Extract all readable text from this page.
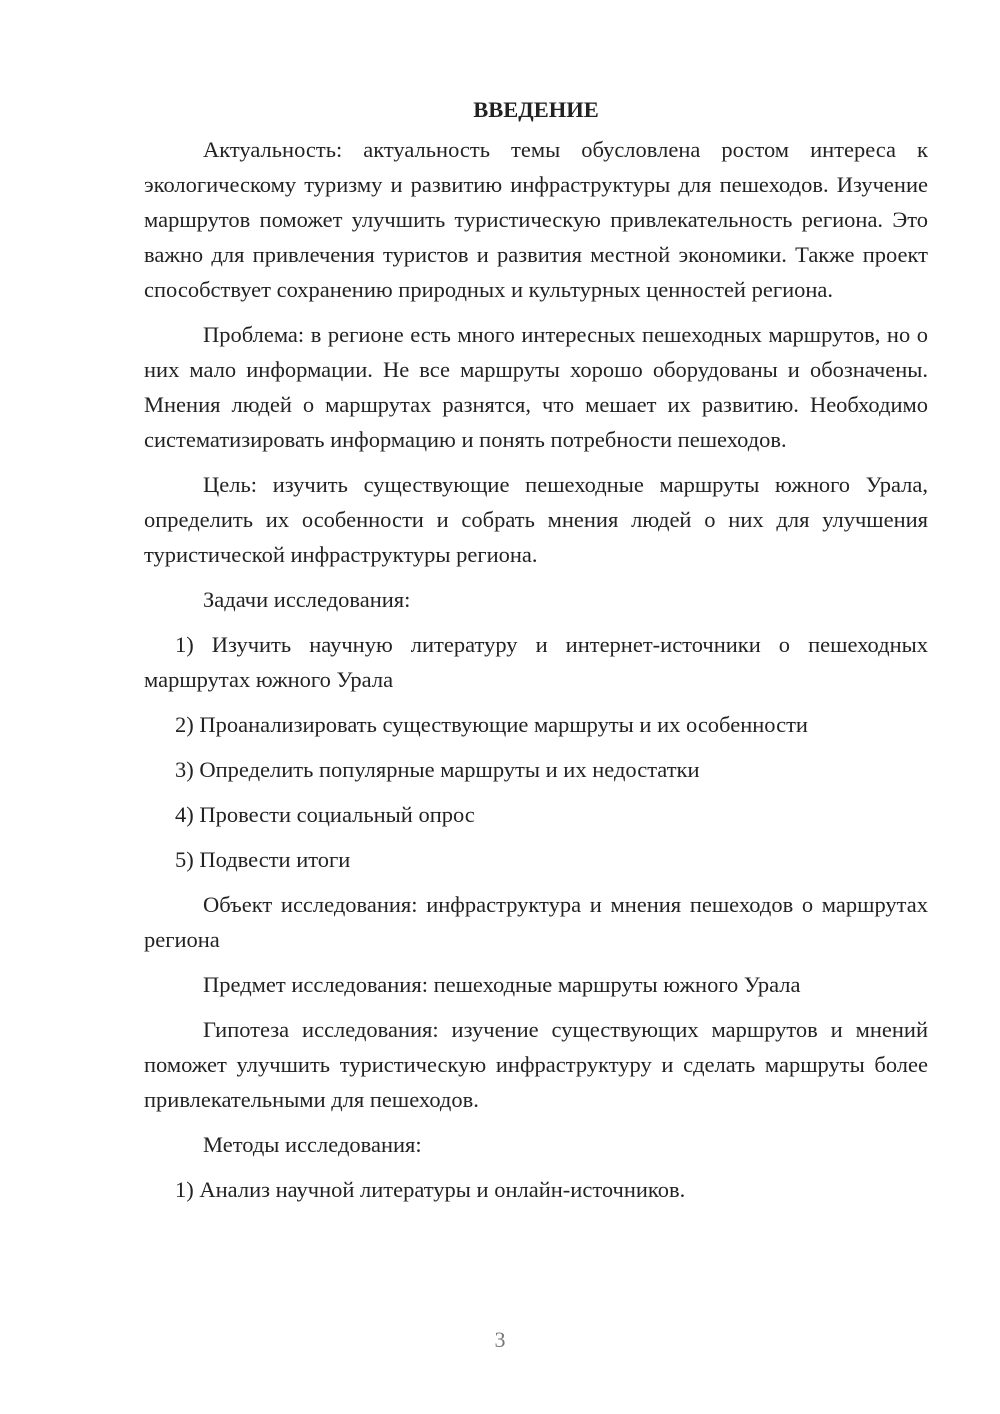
ВВЕДЕНИЕ

Актуальность: актуальность темы обусловлена ростом интереса к экологическому туризму и развитию инфраструктуры для пешеходов. Изучение маршрутов поможет улучшить туристическую привлекательность региона. Это важно для привлечения туристов и развития местной экономики. Также проект способствует сохранению природных и культурных ценностей региона.

Проблема: в регионе есть много интересных пешеходных маршрутов, но о них мало информации. Не все маршруты хорошо оборудованы и обозначены. Мнения людей о маршрутах разнятся, что мешает их развитию. Необходимо систематизировать информацию и понять потребности пешеходов.

Цель: изучить существующие пешеходные маршруты южного Урала, определить их особенности и собрать мнения людей о них для улучшения туристической инфраструктуры региона.

Задачи исследования:

1) Изучить научную литературу и интернет-источники о пешеходных маршрутах южного Урала

2) Проанализировать существующие маршруты и их особенности

3) Определить популярные маршруты и их недостатки

4) Провести социальный опрос

5) Подвести итоги

Объект исследования: инфраструктура и мнения пешеходов о маршрутах региона

Предмет исследования: пешеходные маршруты южного Урала

Гипотеза исследования: изучение существующих маршрутов и мнений поможет улучшить туристическую инфраструктуру и сделать маршруты более привлекательными для пешеходов.

Методы исследования:

1) Анализ научной литературы и онлайн-источников.

3
